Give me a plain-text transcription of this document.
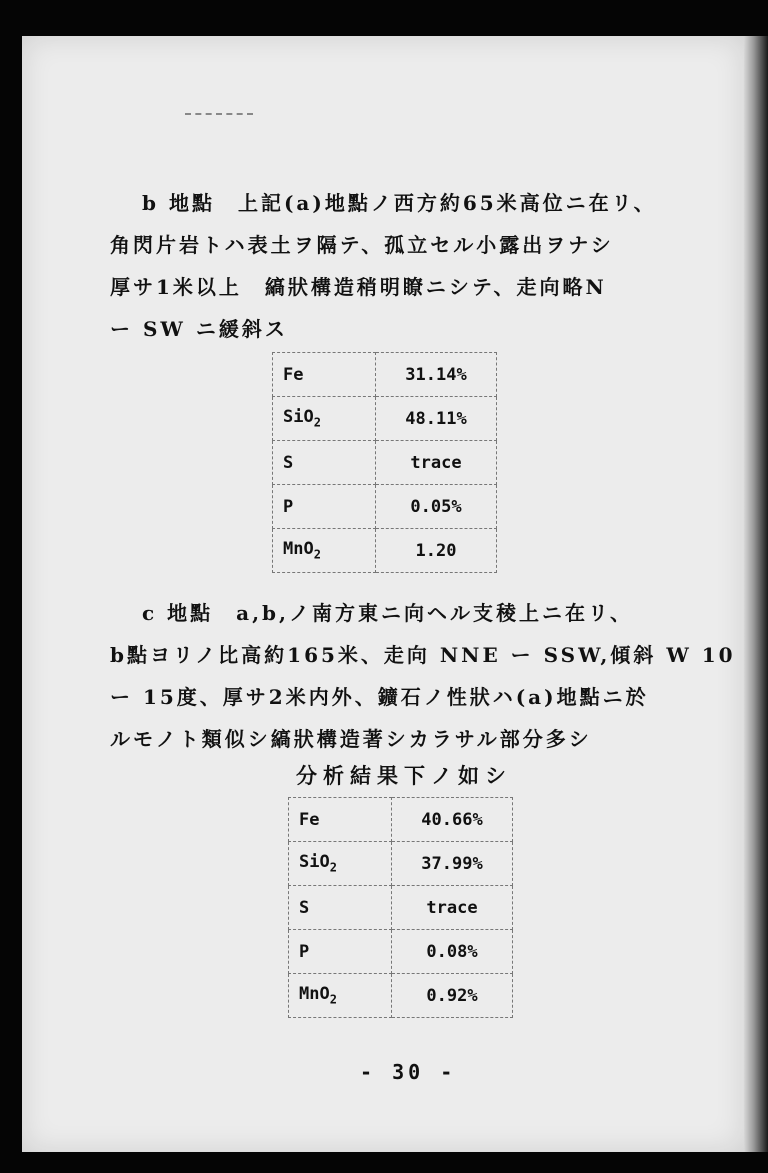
b 地點　上記(a)地點ノ西方約65米高位ニ在リ、
角閃片岩トハ表土ヲ隔テ、孤立セル小露出ヲナシ
厚サ1米以上　縞狀構造稍明瞭ニシテ、走向略N
ー SW ニ緩斜ス
Fe	31.14%
SiO$_2$	48.11%
S	trace
P	0.05%
MnO$_2$	1.20
c 地點　a,b,ノ南方東ニ向ヘル支稜上ニ在リ、
b點ヨリノ比高約165米、走向 NNE ー SSW,傾斜 W 10
ー 15度、厚サ2米内外、鑛石ノ性狀ハ(a)地點ニ於
ルモノト類似シ縞狀構造著シカラサル部分多シ
分析結果下ノ如シ
Fe	40.66%
SiO$_2$	37.99%
S	trace
P	0.08%
MnO$_2$	0.92%
- 30 -
